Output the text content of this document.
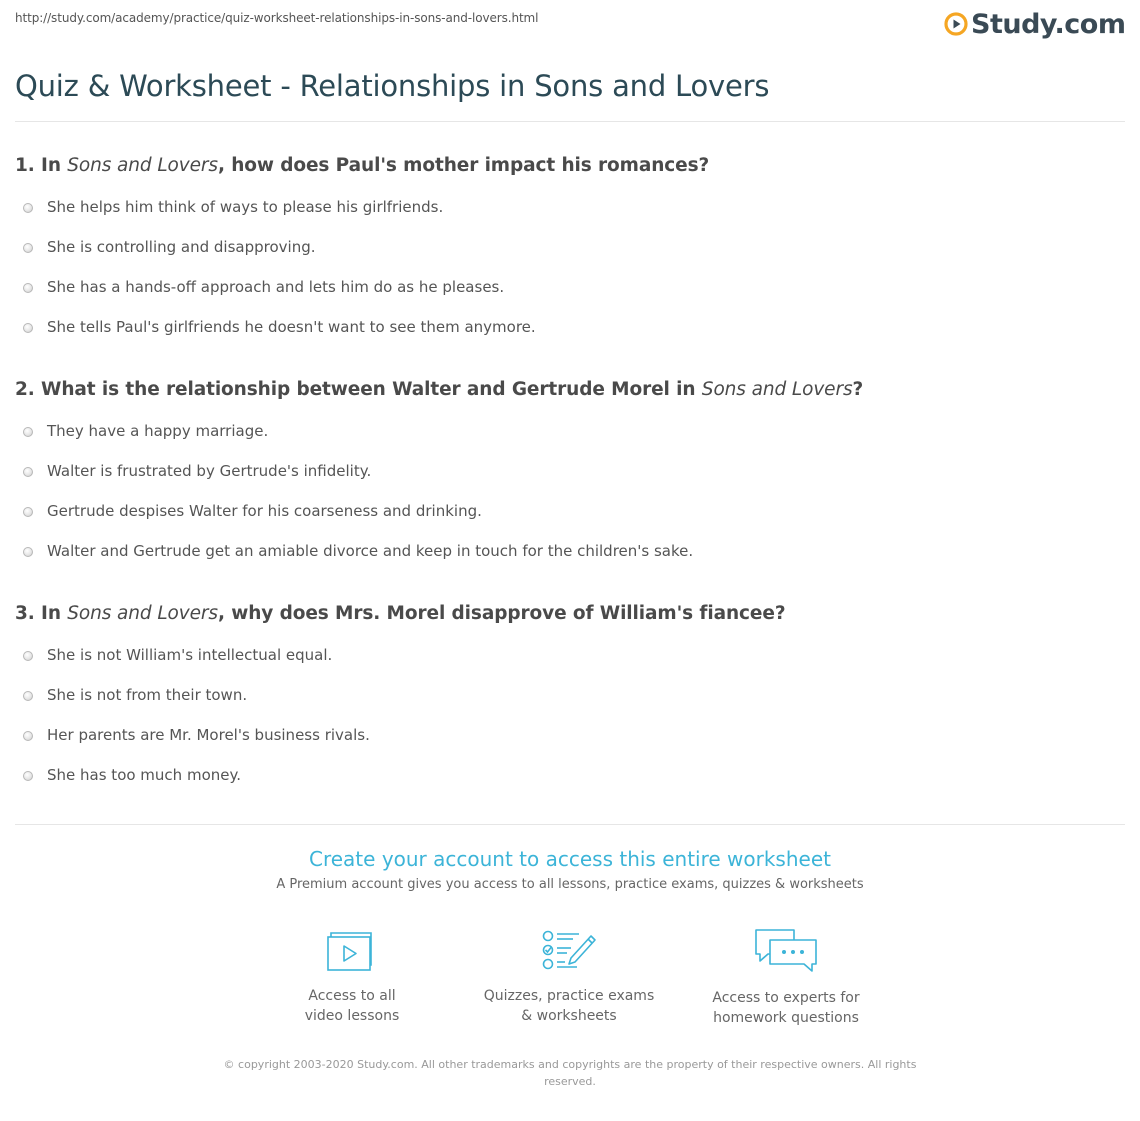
http://study.com/academy/practice/quiz-worksheet-relationships-in-sons-and-lovers.html	Study.com
Quiz & Worksheet - Relationships in Sons and Lovers
1. In Sons and Lovers, how does Paul's mother impact his romances?
She helps him think of ways to please his girlfriends.
She is controlling and disapproving.
She has a hands-off approach and lets him do as he pleases.
She tells Paul's girlfriends he doesn't want to see them anymore.
2. What is the relationship between Walter and Gertrude Morel in Sons and Lovers?
They have a happy marriage.
Walter is frustrated by Gertrude's infidelity.
Gertrude despises Walter for his coarseness and drinking.
Walter and Gertrude get an amiable divorce and keep in touch for the children's sake.
3. In Sons and Lovers, why does Mrs. Morel disapprove of William's fiancee?
She is not William's intellectual equal.
She is not from their town.
Her parents are Mr. Morel's business rivals.
She has too much money.
Create your account to access this entire worksheet
A Premium account gives you access to all lessons, practice exams, quizzes & worksheets
Access to all
video lessons
Quizzes, practice exams
& worksheets
Access to experts for
homework questions
© copyright 2003-2020 Study.com. All other trademarks and copyrights are the property of their respective owners. All rights reserved.
